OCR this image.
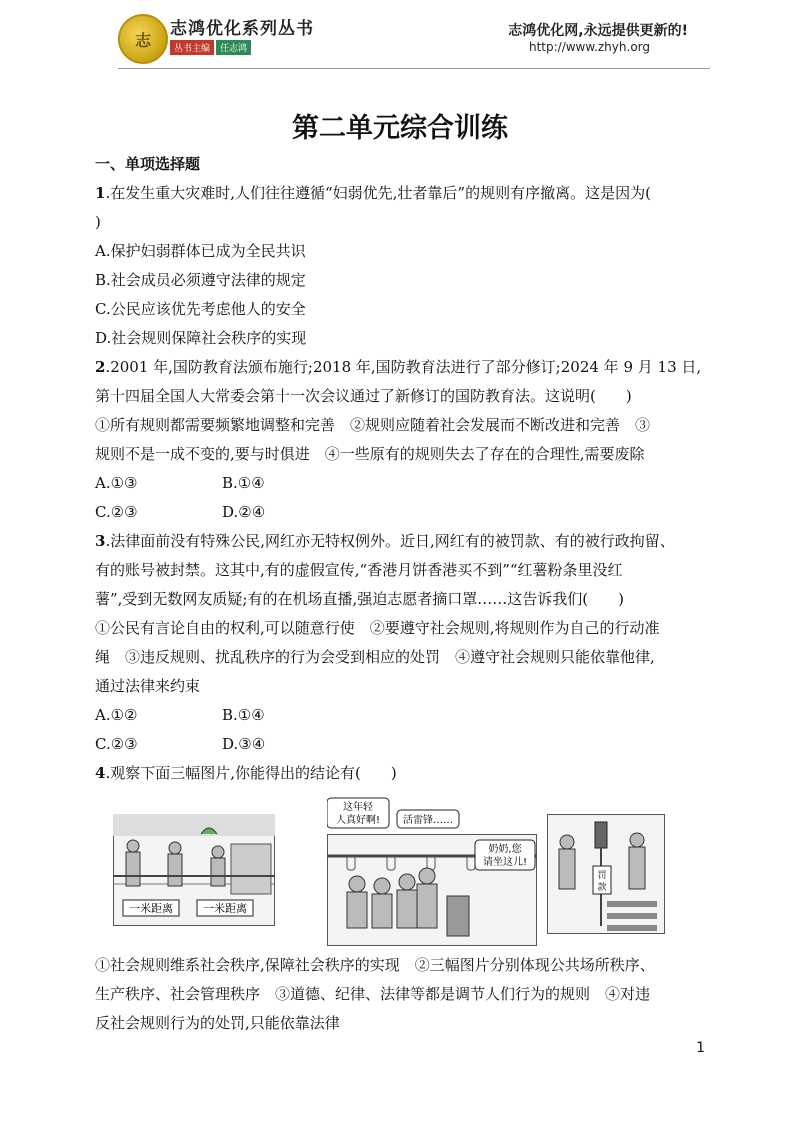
志
志鸿优化系列丛书
丛书主编	任志鸿
志鸿优化网,永远提供更新的!
http://www.zhyh.org
第二单元综合训练
一、单项选择题
1.在发生重大灾难时,人们往往遵循“妇弱优先,壮者靠后”的规则有序撤离。这是因为(
)
A.保护妇弱群体已成为全民共识
B.社会成员必须遵守法律的规定
C.公民应该优先考虑他人的安全
D.社会规则保障社会秩序的实现
2.2001 年,国防教育法颁布施行;2018 年,国防教育法进行了部分修订;2024 年 9 月 13 日,
第十四届全国人大常委会第十一次会议通过了新修订的国防教育法。这说明(　　)
①所有规则都需要频繁地调整和完善　②规则应随着社会发展而不断改进和完善　③
规则不是一成不变的,要与时俱进　④一些原有的规则失去了存在的合理性,需要废除
A.①③	B.①④
C.②③	D.②④
3.法律面前没有特殊公民,网红亦无特权例外。近日,网红有的被罚款、有的被行政拘留、
有的账号被封禁。这其中,有的虚假宣传,“香港月饼香港买不到”“红薯粉条里没红
薯”,受到无数网友质疑;有的在机场直播,强迫志愿者摘口罩……这告诉我们(　　)
①公民有言论自由的权利,可以随意行使　②要遵守社会规则,将规则作为自己的行动准
绳　③违反规则、扰乱秩序的行为会受到相应的处罚　④遵守社会规则只能依靠他律,
通过法律来约束
A.①②	B.①④
C.②③	D.③④
4.观察下面三幅图片,你能得出的结论有(　　)
一米距离	一米距离
这年轻
人真好啊! 活雷锋……
奶奶,您
请坐这儿!
罚
款
①社会规则维系社会秩序,保障社会秩序的实现　②三幅图片分别体现公共场所秩序、
生产秩序、社会管理秩序　③道德、纪律、法律等都是调节人们行为的规则　④对违
反社会规则行为的处罚,只能依靠法律
1
